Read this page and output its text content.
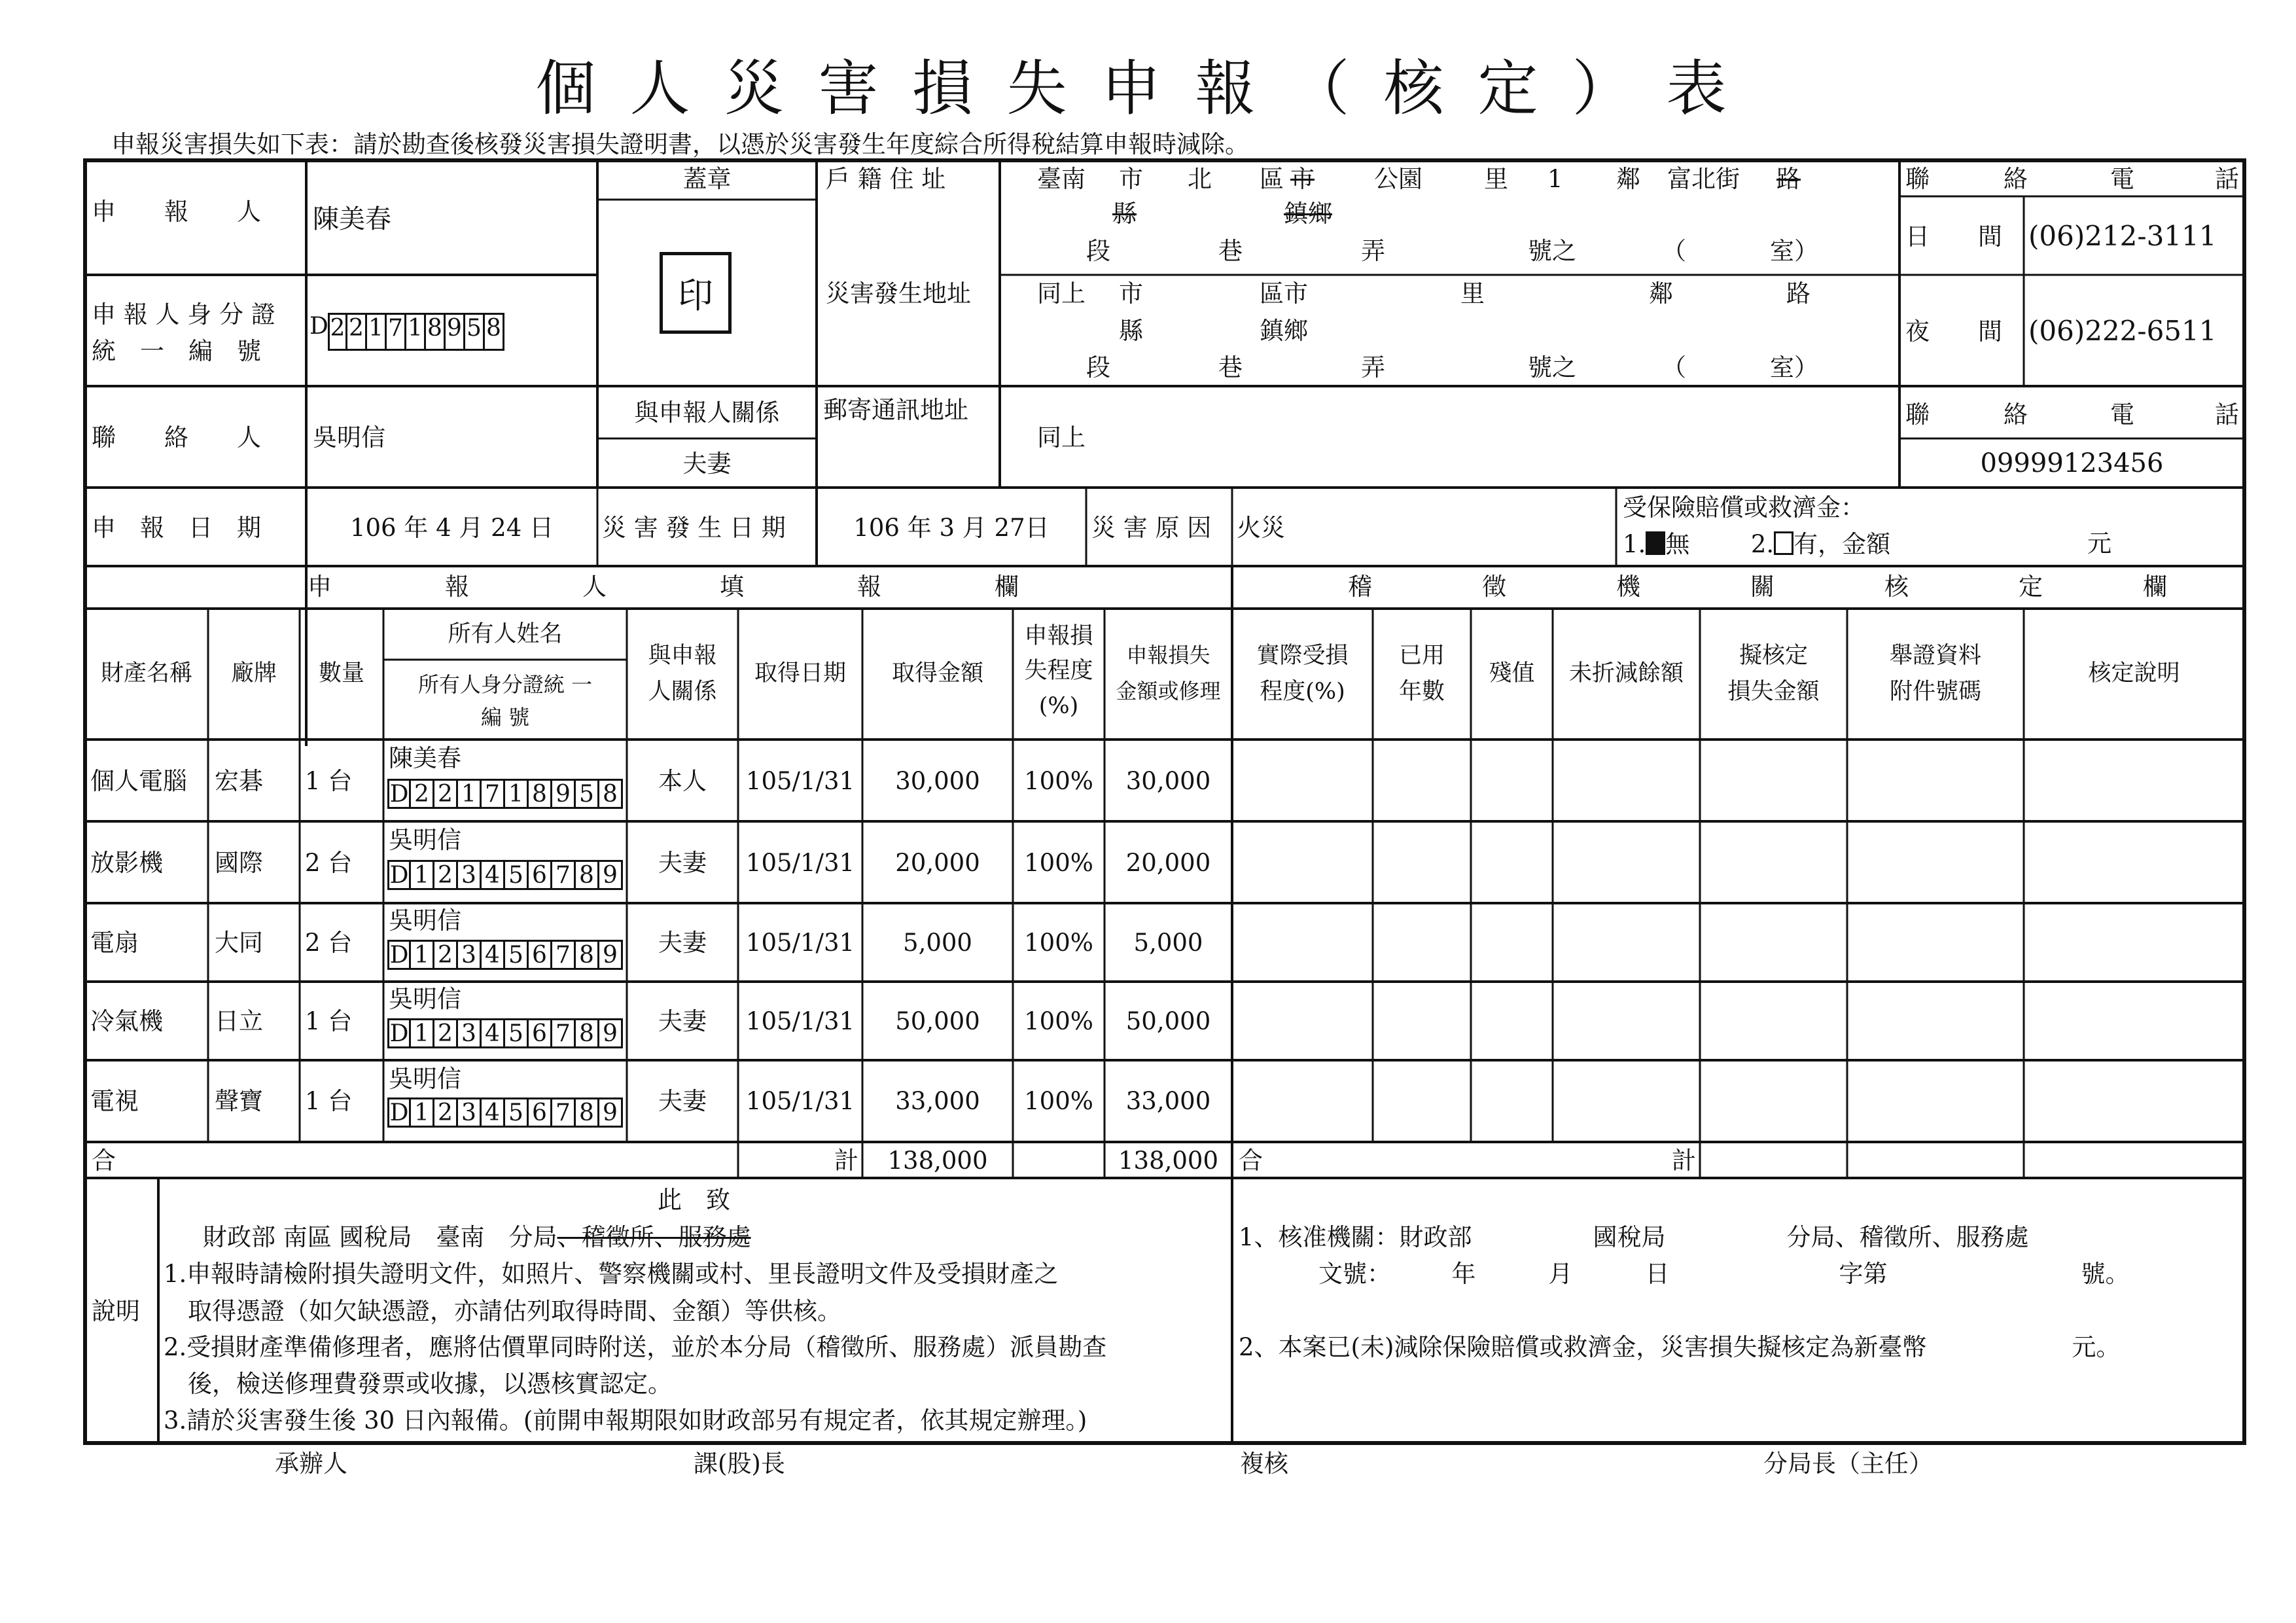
個人災害損失申報（核定）表
申報災害損失如下表：請於勘查後核發災害損失證明書，以憑於災害發生年度綜合所得稅結算申報時減除。
申　　報　　人 陳美春
蓋章
印
申 報 人 身 分 證
統　一　編　號
D 2 2 1 7 1 8 9 5 8
戶 籍 住 址	臺南 市 北 區 市 公園	里 1 鄰 富北街 路
縣	鎮鄉
段	巷	弄	號之	（	室）
災害發生地址	同上 市	區市	里	鄰	路
縣	鎮鄉
段	巷	弄	號之	（	室）
聯	絡	電	話
日　　間 (06)212-3111
夜　　間 (06)222-6511
聯　　絡　　人 吳明信
與申報人關係
夫妻
郵寄通訊地址
同上
聯	絡	電	話
09999123456
申　報　日　期	106 年 4 月 24 日	災 害 發 生 日 期	106 年 3 月 27日	災 害 原 因 火災
受保險賠償或救濟金：
1. 無	2. 有，金額	元
申	報	人	填	報	欄	稽	徵	機	關	核	定	欄
財產名稱	廠牌	數量
所有人姓名
所有人身分證統 一
編 號
與申報
人關係
取得日期	取得金額
申報損
失程度
(%)
申報損失
金額或修理
實際受損
程度(%)
已用
年數
殘值	未折減餘額
擬核定
損失金額
舉證資料
附件號碼
核定說明
個人電腦 宏碁 1 台
陳美春
D 2 2 1 7 1 8 9 5 8	本人	105/1/31	30,000	100%	30,000
放影機 國際 2 台
吳明信
D 1 2 3 4 5 6 7 8 9	夫妻	105/1/31	20,000	100%	20,000
電扇	大同 2 台
吳明信
D 1 2 3 4 5 6 7 8 9	夫妻	105/1/31	5,000	100%	5,000
冷氣機 日立 1 台
吳明信
D 1 2 3 4 5 6 7 8 9	夫妻	105/1/31	50,000	100%	50,000
電視	聲寶 1 台
吳明信
D 1 2 3 4 5 6 7 8 9	夫妻	105/1/31	33,000	100%	33,000
合	計	138,000	138,000 合	計
說明
此　致
財政部 南區 國稅局　臺南　分局、稽徵所、服務處
1.申報時請檢附損失證明文件，如照片、警察機關或村、里長證明文件及受損財產之
　取得憑證（如欠缺憑證，亦請估列取得時間、金額）等供核。
2.受損財產準備修理者，應將估價單同時附送，並於本分局（稽徵所、服務處）派員勘查
　後，檢送修理費發票或收據，以憑核實認定。
3.請於災害發生後 30 日內報備。(前開申報期限如財政部另有規定者，依其規定辦理。)
1、核准機關：財政部　　　　　國稅局　　　　　分局、稽徵所、服務處
文號：　　　年　　　月　　　日　　　　　　　字第　　　　　　　　號。
2、本案已(未)減除保險賠償或救濟金，災害損失擬核定為新臺幣　　　　　　元。
承辦人	課(股)長	複核	分局長（主任）
